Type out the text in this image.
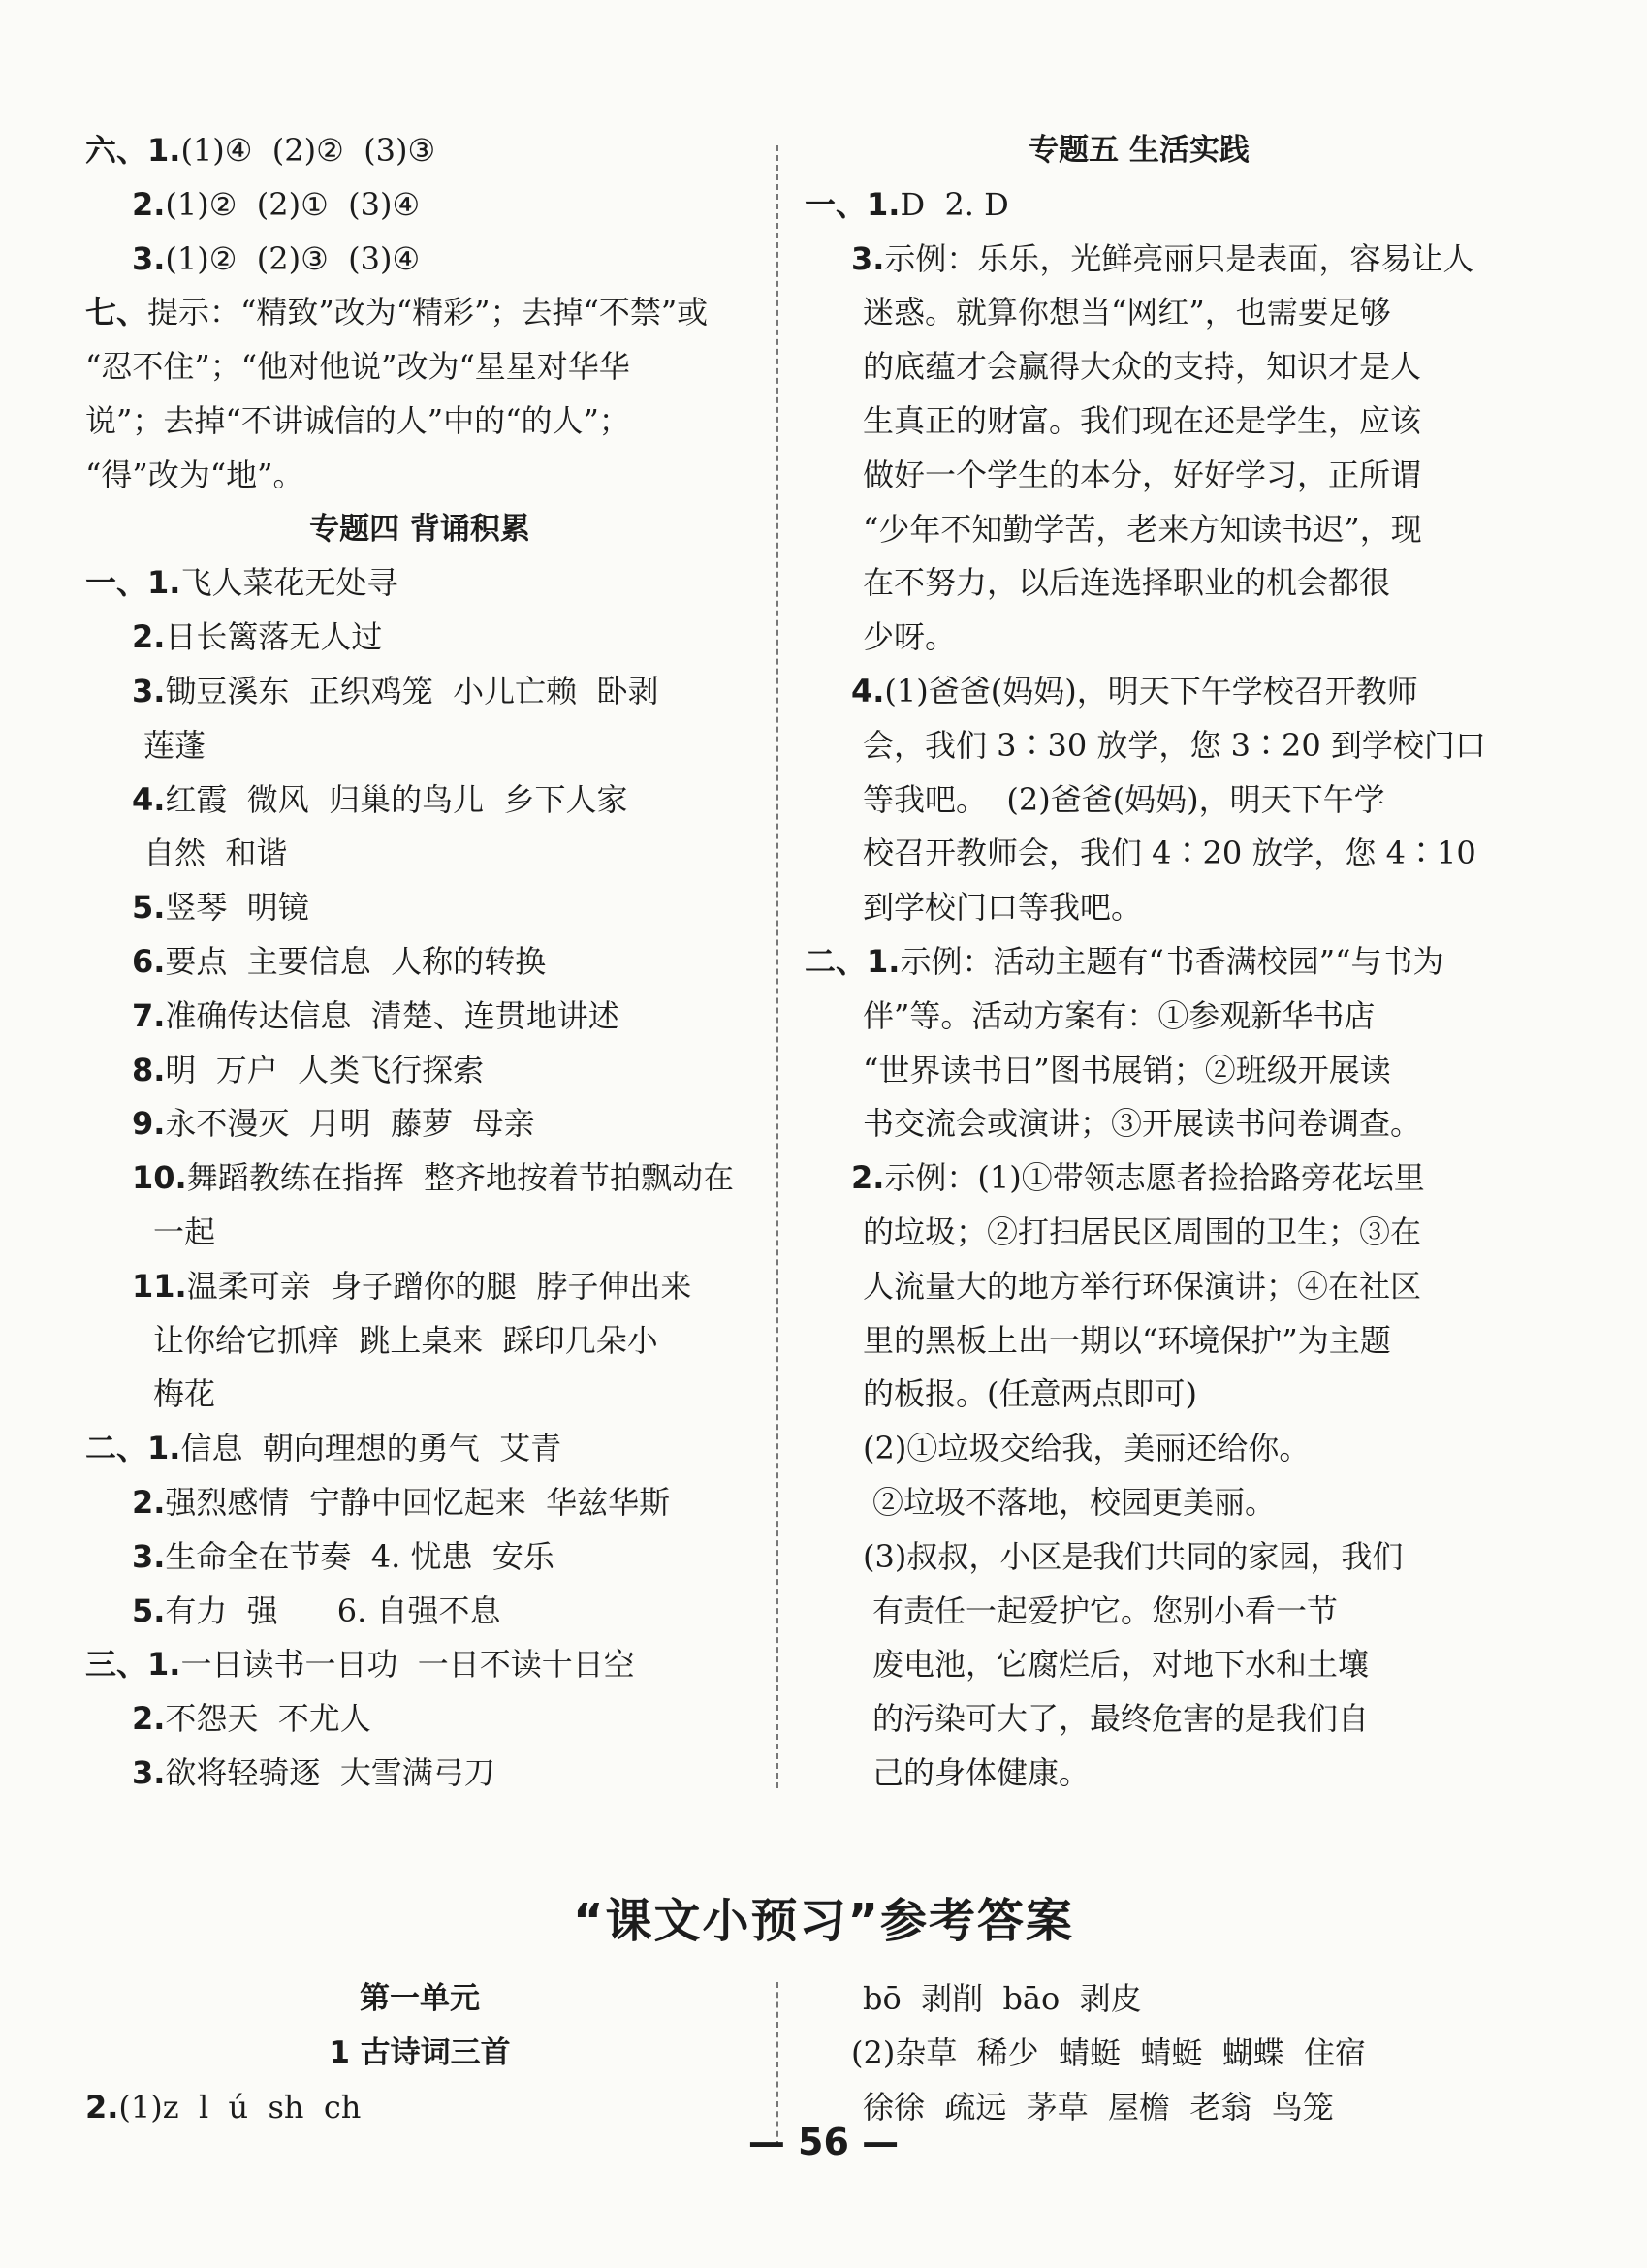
六、1.(1)④  (2)②  (3)③
2.(1)②  (2)①  (3)④
3.(1)②  (2)③  (3)④
七、提示：“精致”改为“精彩”；去掉“不禁”或
“忍不住”；“他对他说”改为“星星对华华
说”；去掉“不讲诚信的人”中的“的人”；
“得”改为“地”。
专题四 背诵积累
一、1.飞人菜花无处寻
2.日长篱落无人过
3.锄豆溪东  正织鸡笼  小儿亡赖  卧剥
莲蓬
4.红霞  微风  归巢的鸟儿  乡下人家
自然  和谐
5.竖琴  明镜
6.要点  主要信息  人称的转换
7.准确传达信息  清楚、连贯地讲述
8.明  万户  人类飞行探索
9.永不漫灭  月明  藤萝  母亲
10.舞蹈教练在指挥  整齐地按着节拍飘动在
一起
11.温柔可亲  身子蹭你的腿  脖子伸出来
让你给它抓痒  跳上桌来  踩印几朵小
梅花
二、1.信息  朝向理想的勇气  艾青
2.强烈感情  宁静中回忆起来  华兹华斯
3.生命全在节奏  4. 忧患  安乐
5.有力  强      6. 自强不息
三、1.一日读书一日功  一日不读十日空
2.不怨天  不尤人
3.欲将轻骑逐  大雪满弓刀
专题五 生活实践
一、1.D  2. D
3.示例：乐乐，光鲜亮丽只是表面，容易让人
迷惑。就算你想当“网红”，也需要足够
的底蕴才会赢得大众的支持，知识才是人
生真正的财富。我们现在还是学生，应该
做好一个学生的本分，好好学习，正所谓
“少年不知勤学苦，老来方知读书迟”，现
在不努力，以后连选择职业的机会都很
少呀。
4.(1)爸爸(妈妈)，明天下午学校召开教师
会，我们 3∶30 放学，您 3∶20 到学校门口
等我吧。  (2)爸爸(妈妈)，明天下午学
校召开教师会，我们 4∶20 放学，您 4∶10
到学校门口等我吧。
二、1.示例：活动主题有“书香满校园”“与书为
伴”等。活动方案有：①参观新华书店
“世界读书日”图书展销；②班级开展读
书交流会或演讲；③开展读书问卷调查。
2.示例：(1)①带领志愿者捡拾路旁花坛里
的垃圾；②打扫居民区周围的卫生；③在
人流量大的地方举行环保演讲；④在社区
里的黑板上出一期以“环境保护”为主题
的板报。(任意两点即可)
(2)①垃圾交给我，美丽还给你。
②垃圾不落地，校园更美丽。
(3)叔叔，小区是我们共同的家园，我们
有责任一起爱护它。您别小看一节
废电池，它腐烂后，对地下水和土壤
的污染可大了，最终危害的是我们自
己的身体健康。
“课文小预习”参考答案
第一单元
1 古诗词三首
2.(1)z  l  ú  sh  ch
bō  剥削  bāo  剥皮
(2)杂草  稀少  蜻蜓  蜻蜓  蝴蝶  住宿
徐徐  疏远  茅草  屋檐  老翁  鸟笼
— 56 —
